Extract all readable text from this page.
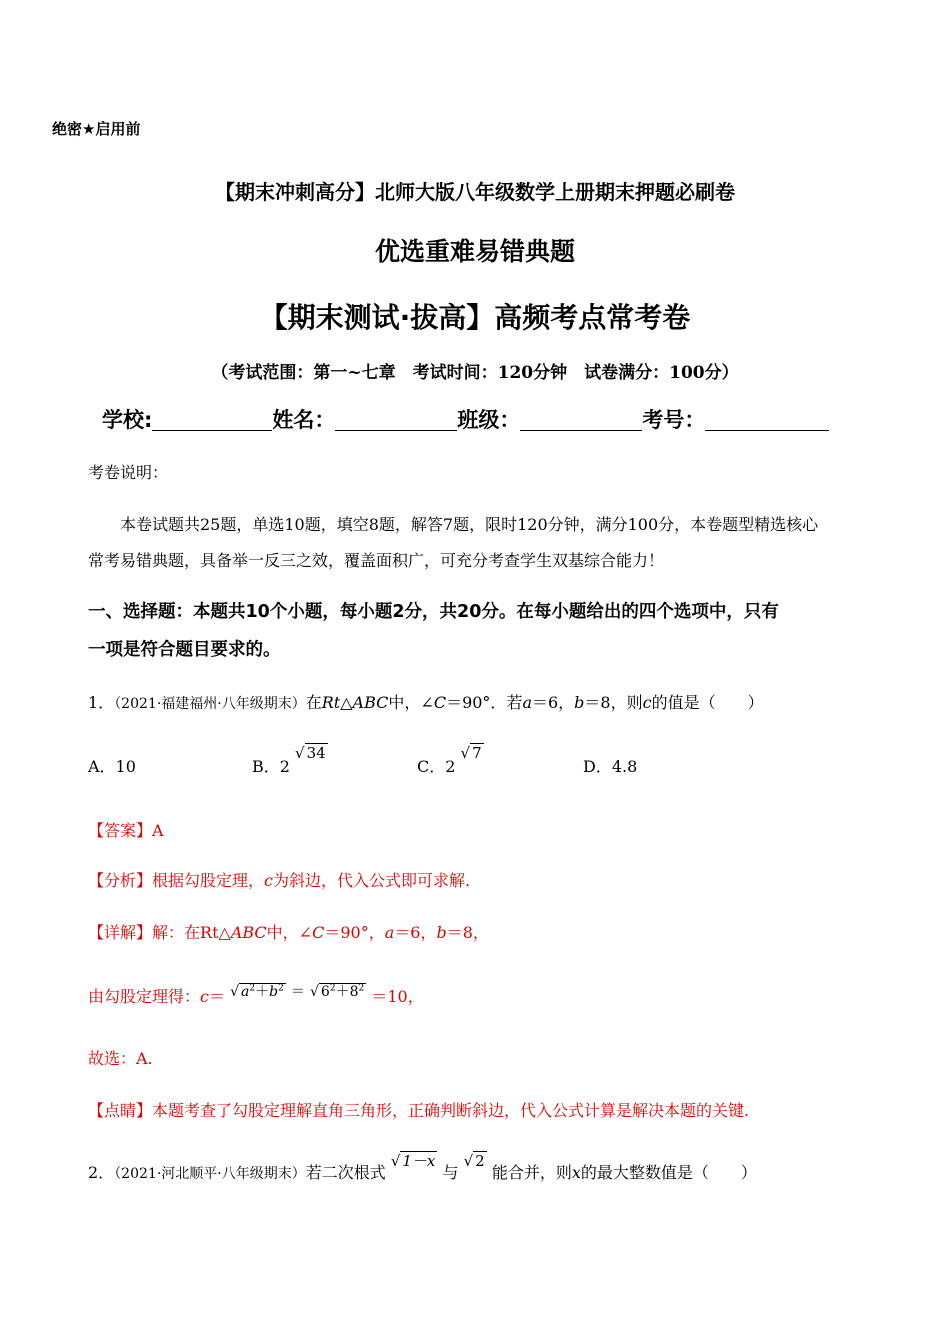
绝密★启用前
【期末冲刺高分】北师大版八年级数学上册期末押题必刷卷
优选重难易错典题
【期末测试·拔高】高频考点常考卷
（考试范围：第一~七章　考试时间：120分钟　试卷满分：100分）
学校:	姓名：	班级：	考号：
考卷说明：
本卷试题共25题，单选10题，填空8题，解答7题，限时120分钟，满分100分，本卷题型精选核心
常考易错典题，具备举一反三之效，覆盖面积广，可充分考查学生双基综合能力！
一、选择题：本题共10个小题，每小题2分，共20分。在每小题给出的四个选项中，只有
一项是符合题目要求的。
1．（2021·福建福州·八年级期末）在Rt△ABC中，∠C＝90°．若a＝6，b＝8，则c的值是（　　）
A．10	B．2 √ 34
C．2 √ 7
D．4.8
【答案】A
【分析】根据勾股定理，c为斜边，代入公式即可求解.
【详解】解：在Rt△ABC中，∠C＝90°，a＝6，b＝8，
由勾股定理得：c＝ √ $a^2+b^2$ ＝ √ $6^2+8^2 =10$，
故选：A.
【点睛】本题考查了勾股定理解直角三角形，正确判断斜边，代入公式计算是解决本题的关键.
2．（2021·河北顺平·八年级期末）若二次根式 √ 1－x 与 √ 2 能合并，则x的最大整数值是（　　）
